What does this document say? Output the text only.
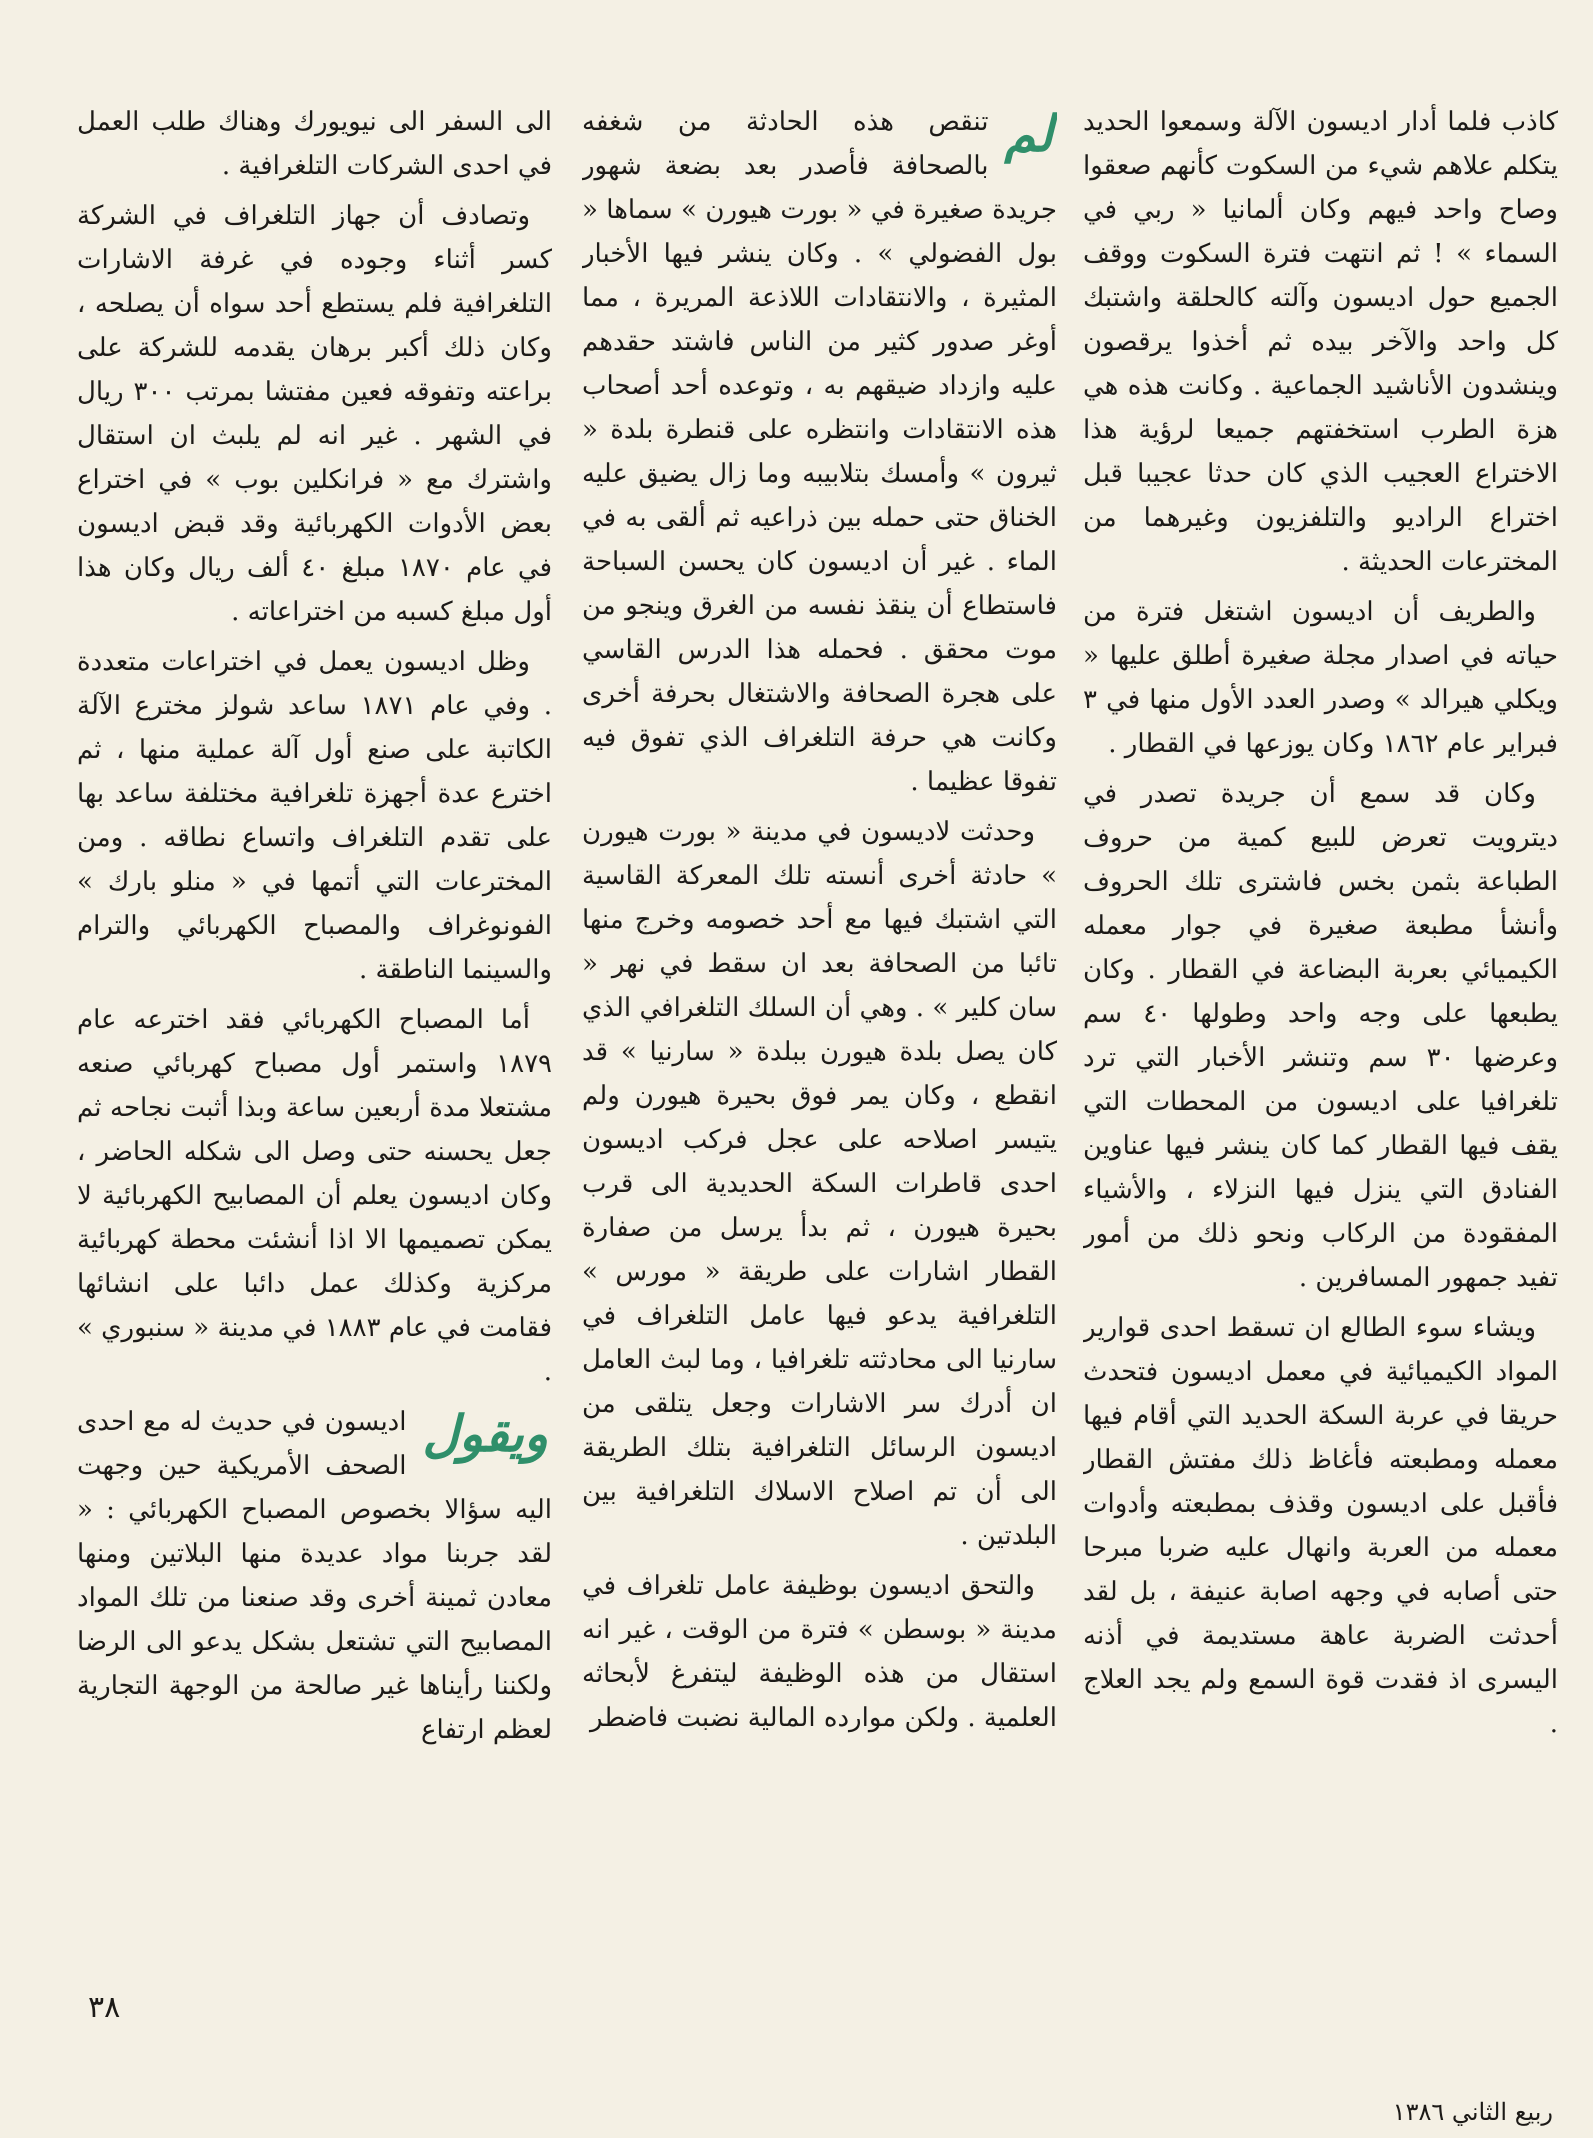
كاذب فلما أدار اديسون الآلة وسمعوا الحديد يتكلم علاهم شيء من السكوت كأنهم صعقوا وصاح واحد فيهم وكان ألمانيا « ربي في السماء » ! ثم انتهت فترة السكوت ووقف الجميع حول اديسون وآلته كالحلقة واشتبك كل واحد والآخر بيده ثم أخذوا يرقصون وينشدون الأناشيد الجماعية . وكانت هذه هي هزة الطرب استخفتهم جميعا لرؤية هذا الاختراع العجيب الذي كان حدثا عجيبا قبل اختراع الراديو والتلفزيون وغيرهما من المخترعات الحديثة .

والطريف أن اديسون اشتغل فترة من حياته في اصدار مجلة صغيرة أطلق عليها « ويكلي هيرالد » وصدر العدد الأول منها في ٣ فبراير عام ١٨٦٢ وكان يوزعها في القطار .

وكان قد سمع أن جريدة تصدر في ديترويت تعرض للبيع كمية من حروف الطباعة بثمن بخس فاشترى تلك الحروف وأنشأ مطبعة صغيرة في جوار معمله الكيميائي بعربة البضاعة في القطار . وكان يطبعها على وجه واحد وطولها ٤٠ سم وعرضها ٣٠ سم وتنشر الأخبار التي ترد تلغرافيا على اديسون من المحطات التي يقف فيها القطار كما كان ينشر فيها عناوين الفنادق التي ينزل فيها النزلاء ، والأشياء المفقودة من الركاب ونحو ذلك من أمور تفيد جمهور المسافرين .

ويشاء سوء الطالع ان تسقط احدى قوارير المواد الكيميائية في معمل اديسون فتحدث حريقا في عربة السكة الحديد التي أقام فيها معمله ومطبعته فأغاظ ذلك مفتش القطار فأقبل على اديسون وقذف بمطبعته وأدوات معمله من العربة وانهال عليه ضربا مبرحا حتى أصابه في وجهه اصابة عنيفة ، بل لقد أحدثت الضربة عاهة مستديمة في أذنه اليسرى اذ فقدت قوة السمع ولم يجد العلاج .

لم
تنقص هذه الحادثة من شغفه بالصحافة فأصدر بعد بضعة شهور جريدة صغيرة في « بورت هيورن » سماها « بول الفضولي » . وكان ينشر فيها الأخبار المثيرة ، والانتقادات اللاذعة المريرة ، مما أوغر صدور كثير من الناس فاشتد حقدهم عليه وازداد ضيقهم به ، وتوعده أحد أصحاب هذه الانتقادات وانتظره على قنطرة بلدة « ثيرون » وأمسك بتلابيبه وما زال يضيق عليه الخناق حتى حمله بين ذراعيه ثم ألقى به في الماء . غير أن اديسون كان يحسن السباحة فاستطاع أن ينقذ نفسه من الغرق وينجو من موت محقق . فحمله هذا الدرس القاسي على هجرة الصحافة والاشتغال بحرفة أخرى وكانت هي حرفة التلغراف الذي تفوق فيه تفوقا عظيما .

وحدثت لاديسون في مدينة « بورت هيورن » حادثة أخرى أنسته تلك المعركة القاسية التي اشتبك فيها مع أحد خصومه وخرج منها تائبا من الصحافة بعد ان سقط في نهر « سان كلير » . وهي أن السلك التلغرافي الذي كان يصل بلدة هيورن ببلدة « سارنيا » قد انقطع ، وكان يمر فوق بحيرة هيورن ولم يتيسر اصلاحه على عجل فركب اديسون احدى قاطرات السكة الحديدية الى قرب بحيرة هيورن ، ثم بدأ يرسل من صفارة القطار اشارات على طريقة « مورس » التلغرافية يدعو فيها عامل التلغراف في سارنيا الى محادثته تلغرافيا ، وما لبث العامل ان أدرك سر الاشارات وجعل يتلقى من اديسون الرسائل التلغرافية بتلك الطريقة الى أن تم اصلاح الاسلاك التلغرافية بين البلدتين .

والتحق اديسون بوظيفة عامل تلغراف في مدينة « بوسطن » فترة من الوقت ، غير انه استقال من هذه الوظيفة ليتفرغ لأبحاثه العلمية . ولكن موارده المالية نضبت فاضطر

الى السفر الى نيويورك وهناك طلب العمل في احدى الشركات التلغرافية .

وتصادف أن جهاز التلغراف في الشركة كسر أثناء وجوده في غرفة الاشارات التلغرافية فلم يستطع أحد سواه أن يصلحه ، وكان ذلك أكبر برهان يقدمه للشركة على براعته وتفوقه فعين مفتشا بمرتب ٣٠٠ ريال في الشهر . غير انه لم يلبث ان استقال واشترك مع « فرانكلين بوب » في اختراع بعض الأدوات الكهربائية وقد قبض اديسون في عام ١٨٧٠ مبلغ ٤٠ ألف ريال وكان هذا أول مبلغ كسبه من اختراعاته .

وظل اديسون يعمل في اختراعات متعددة . وفي عام ١٨٧١ ساعد شولز مخترع الآلة الكاتبة على صنع أول آلة عملية منها ، ثم اخترع عدة أجهزة تلغرافية مختلفة ساعد بها على تقدم التلغراف واتساع نطاقه . ومن المخترعات التي أتمها في « منلو بارك » الفونوغراف والمصباح الكهربائي والترام والسينما الناطقة .

أما المصباح الكهربائي فقد اخترعه عام ١٨٧٩ واستمر أول مصباح كهربائي صنعه مشتعلا مدة أربعين ساعة وبذا أثبت نجاحه ثم جعل يحسنه حتى وصل الى شكله الحاضر ، وكان اديسون يعلم أن المصابيح الكهربائية لا يمكن تصميمها الا اذا أنشئت محطة كهربائية مركزية وكذلك عمل دائبا على انشائها فقامت في عام ١٨٨٣ في مدينة « سنبوري » .

ويقول
اديسون في حديث له مع احدى الصحف الأمريكية حين وجهت اليه سؤالا بخصوص المصباح الكهربائي : « لقد جربنا مواد عديدة منها البلاتين ومنها معادن ثمينة أخرى وقد صنعنا من تلك المواد المصابيح التي تشتعل بشكل يدعو الى الرضا ولكننا رأيناها غير صالحة من الوجهة التجارية لعظم ارتفاع

٣٨
ربيع الثاني ١٣٨٦
